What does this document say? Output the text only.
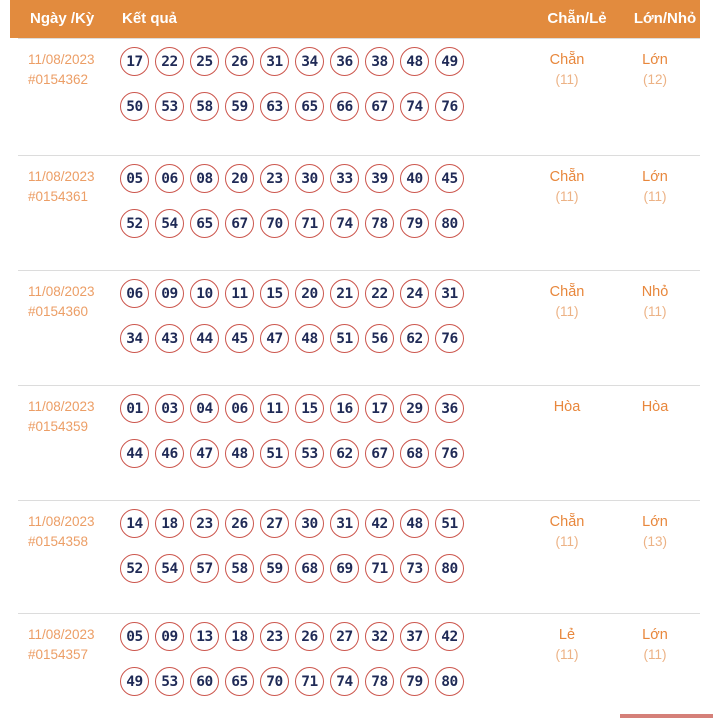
Ngày /Kỳ Kết quả	Chẵn/Lẻ	Lớn/Nhỏ
11/08/2023
#0154362
17	22	25	26	31	34	36	38	48	49
50	53	58	59	63	65	66	67	74	76
Chẵn
(11)
Lớn
(12)
11/08/2023
#0154361
05	06	08	20	23	30	33	39	40	45
52	54	65	67	70	71	74	78	79	80
Chẵn
(11)
Lớn
(11)
11/08/2023
#0154360
06	09	10	11	15	20	21	22	24	31
34	43	44	45	47	48	51	56	62	76
Chẵn
(11)
Nhỏ
(11)
11/08/2023
#0154359
01	03	04	06	11	15	16	17	29	36
44	46	47	48	51	53	62	67	68	76
Hòa	Hòa
11/08/2023
#0154358
14	18	23	26	27	30	31	42	48	51
52	54	57	58	59	68	69	71	73	80
Chẵn
(11)
Lớn
(13)
11/08/2023
#0154357
05	09	13	18	23	26	27	32	37	42
49	53	60	65	70	71	74	78	79	80
Lẻ
(11)
Lớn
(11)
